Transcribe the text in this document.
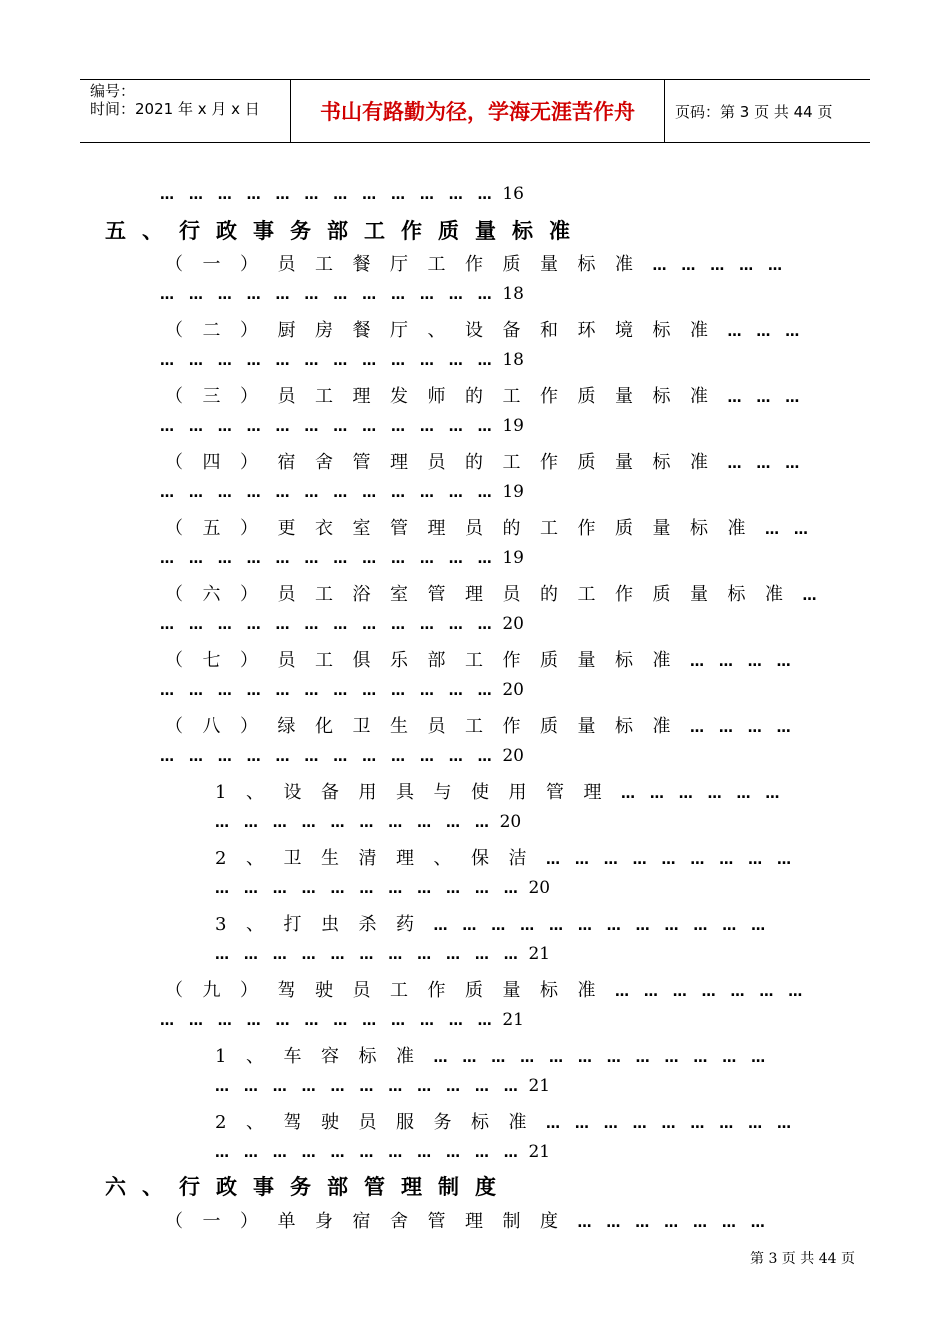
编号：
时间：2021 年 x 月 x 日	书山有路勤为径，学海无涯苦作舟	页码：第 3 页 共 44 页
… … … … … … … … … … … … 16
五、行政事务部工作质量标准
（一）员工餐厅工作质量标准… … … … …
… … … … … … … … … … … … 18
（二）厨房餐厅、设备和环境标准… … …
… … … … … … … … … … … … 18
（三）员工理发师的工作质量标准… … …
… … … … … … … … … … … … 19
（四）宿舍管理员的工作质量标准… … …
… … … … … … … … … … … … 19
（五）更衣室管理员的工作质量标准… …
… … … … … … … … … … … … 19
（六）员工浴室管理员的工作质量标准…
… … … … … … … … … … … … 20
（七）员工俱乐部工作质量标准… … … …
… … … … … … … … … … … … 20
（八）绿化卫生员工作质量标准… … … …
… … … … … … … … … … … … 20
1、设备用具与使用管理… … … … … …
… … … … … … … … … … 20
2、卫生清理、保洁… … … … … … … … …
… … … … … … … … … … … 20
3、打虫杀药… … … … … … … … … … … …
… … … … … … … … … … … 21
（九）驾驶员工作质量标准… … … … … … …
… … … … … … … … … … … … 21
1、车容标准… … … … … … … … … … … …
… … … … … … … … … … … 21
2、驾驶员服务标准… … … … … … … … …
… … … … … … … … … … … 21
六、行政事务部管理制度
（一）单身宿舍管理制度… … … … … … …
第 3 页 共 44 页
